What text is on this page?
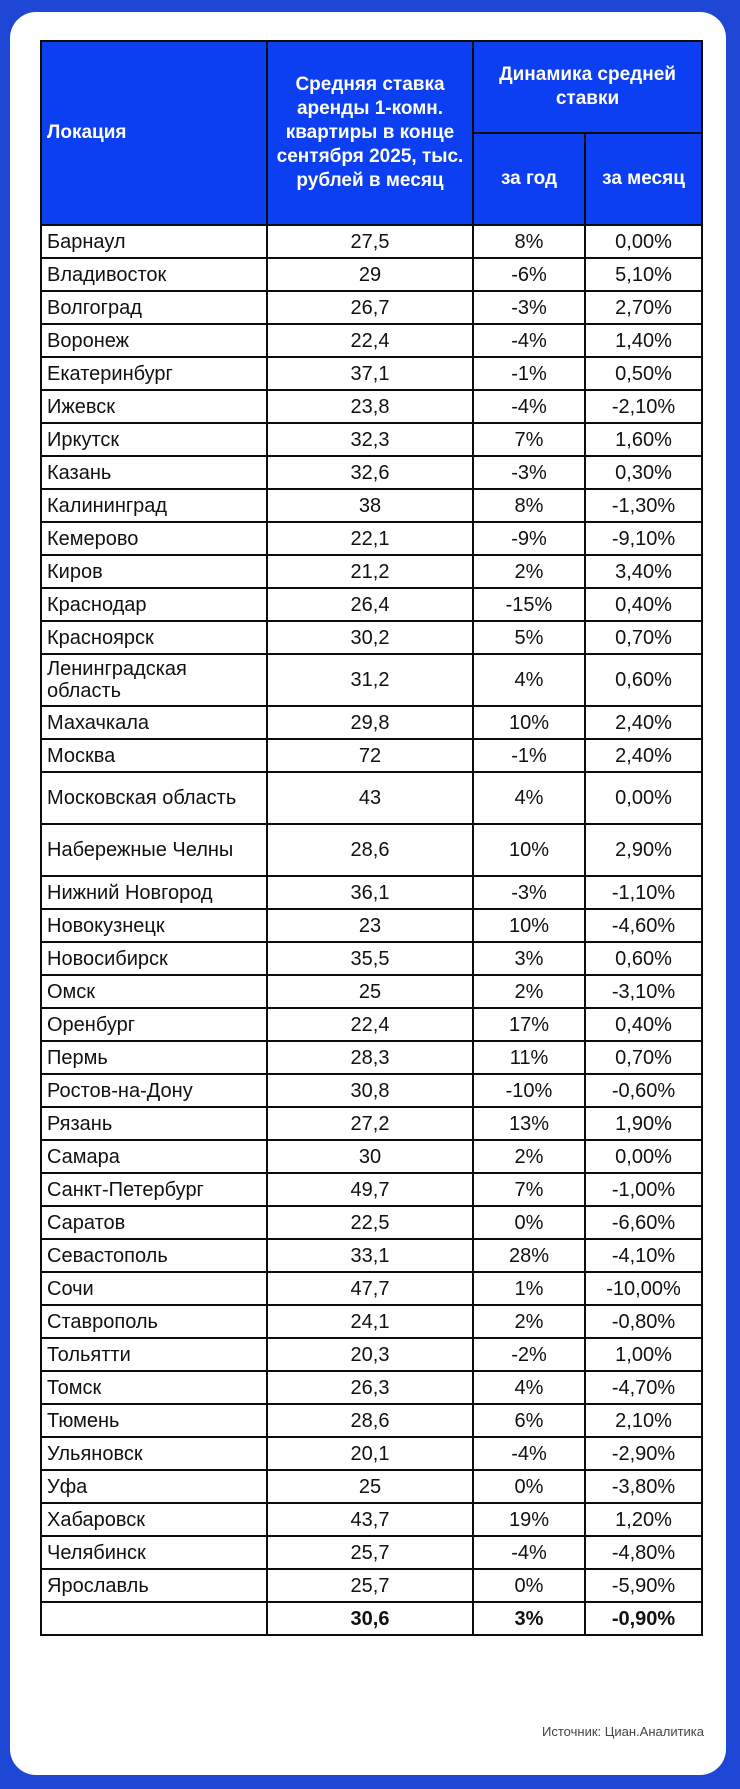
Локация	Средняя ставка аренды 1-комн. квартиры в конце сентября 2025, тыс. рублей в месяц	Динамика средней ставки	
		за год	за месяц
Барнаул	27,5	8%	0,00%
Владивосток	29	-6%	5,10%
Волгоград	26,7	-3%	2,70%
Воронеж	22,4	-4%	1,40%
Екатеринбург	37,1	-1%	0,50%
Ижевск	23,8	-4%	-2,10%
Иркутск	32,3	7%	1,60%
Казань	32,6	-3%	0,30%
Калининград	38	8%	-1,30%
Кемерово	22,1	-9%	-9,10%
Киров	21,2	2%	3,40%
Краснодар	26,4	-15%	0,40%
Красноярск	30,2	5%	0,70%
Ленинградская область	31,2	4%	0,60%
Махачкала	29,8	10%	2,40%
Москва	72	-1%	2,40%
Московская область	43	4%	0,00%
Набережные Челны	28,6	10%	2,90%
Нижний Новгород	36,1	-3%	-1,10%
Новокузнецк	23	10%	-4,60%
Новосибирск	35,5	3%	0,60%
Омск	25	2%	-3,10%
Оренбург	22,4	17%	0,40%
Пермь	28,3	11%	0,70%
Ростов-на-Дону	30,8	-10%	-0,60%
Рязань	27,2	13%	1,90%
Самара	30	2%	0,00%
Санкт-Петербург	49,7	7%	-1,00%
Саратов	22,5	0%	-6,60%
Севастополь	33,1	28%	-4,10%
Сочи	47,7	1%	-10,00%
Ставрополь	24,1	2%	-0,80%
Тольятти	20,3	-2%	1,00%
Томск	26,3	4%	-4,70%
Тюмень	28,6	6%	2,10%
Ульяновск	20,1	-4%	-2,90%
Уфа	25	0%	-3,80%
Хабаровск	43,7	19%	1,20%
Челябинск	25,7	-4%	-4,80%
Ярославль	25,7	0%	-5,90%
	30,6	3%	-0,90%
Источник: Циан.Аналитика
